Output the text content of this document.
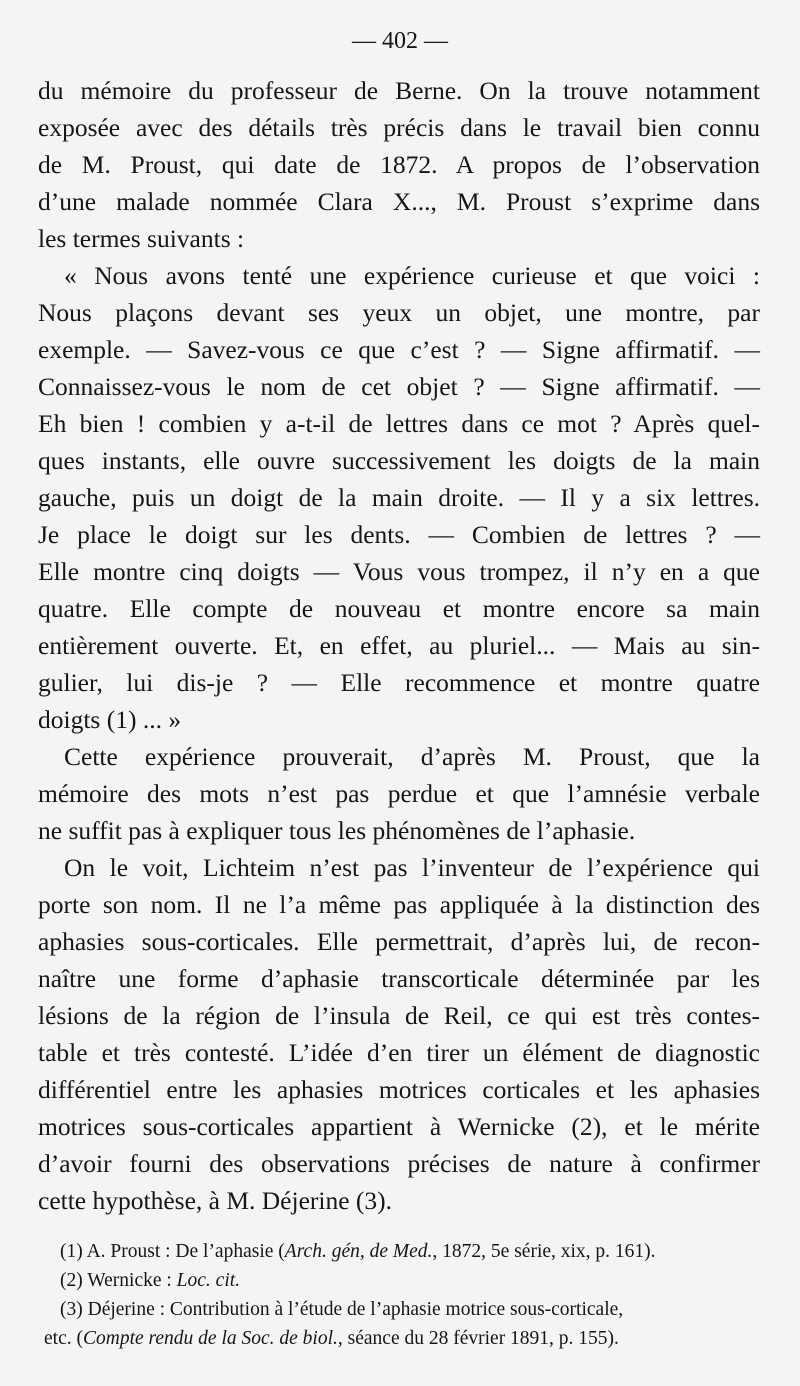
— 402 —
du mémoire du professeur de Berne. On la trouve notamment
exposée avec des détails très précis dans le travail bien connu
de M. Proust, qui date de 1872. A propos de l’observation
d’une malade nommée Clara X..., M. Proust s’exprime dans
les termes suivants :
« Nous avons tenté une expérience curieuse et que voici :
Nous plaçons devant ses yeux un objet, une montre, par
exemple. — Savez-vous ce que c’est ? — Signe affirmatif. —
Connaissez-vous le nom de cet objet ? — Signe affirmatif. —
Eh bien ! combien y a-t-il de lettres dans ce mot ? Après quel-
ques instants, elle ouvre successivement les doigts de la main
gauche, puis un doigt de la main droite. — Il y a six lettres.
Je place le doigt sur les dents. — Combien de lettres ? —
Elle montre cinq doigts — Vous vous trompez, il n’y en a que
quatre. Elle compte de nouveau et montre encore sa main
entièrement ouverte. Et, en effet, au pluriel... — Mais au sin-
gulier, lui dis-je ? — Elle recommence et montre quatre
doigts (1) ... »
Cette expérience prouverait, d’après M. Proust, que la
mémoire des mots n’est pas perdue et que l’amnésie verbale
ne suffit pas à expliquer tous les phénomènes de l’aphasie.
On le voit, Lichteim n’est pas l’inventeur de l’expérience qui
porte son nom. Il ne l’a même pas appliquée à la distinction des
aphasies sous-corticales. Elle permettrait, d’après lui, de recon-
naître une forme d’aphasie transcorticale déterminée par les
lésions de la région de l’insula de Reil, ce qui est très contes-
table et très contesté. L’idée d’en tirer un élément de diagnostic
différentiel entre les aphasies motrices corticales et les aphasies
motrices sous-corticales appartient à Wernicke (2), et le mérite
d’avoir fourni des observations précises de nature à confirmer
cette hypothèse, à M. Déjerine (3).
(1) A. Proust : De l’aphasie (Arch. gén, de Med., 1872, 5e série, xix, p. 161).
(2) Wernicke : Loc. cit.
(3) Déjerine : Contribution à l’étude de l’aphasie motrice sous-corticale,
etc. (Compte rendu de la Soc. de biol., séance du 28 février 1891, p. 155).
